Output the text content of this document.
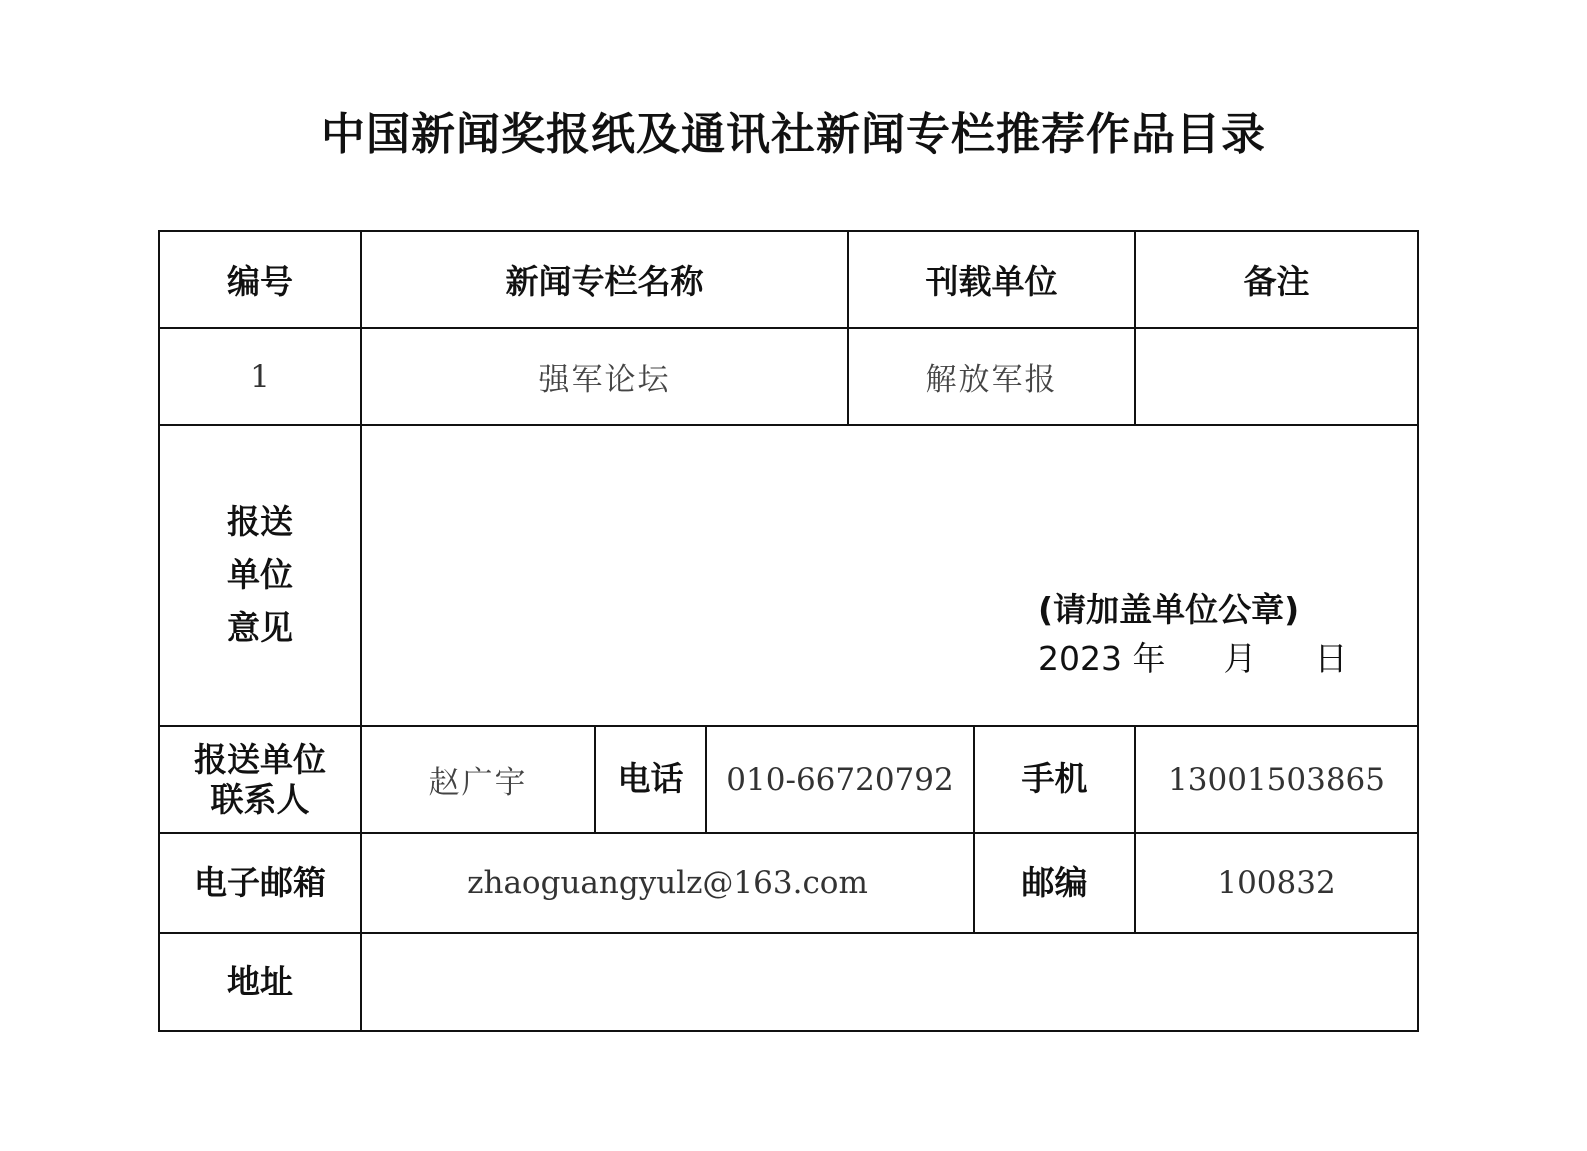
中国新闻奖报纸及通讯社新闻专栏推荐作品目录
编号	新闻专栏名称			刊载单位		备注
1	强军论坛			解放军报		

报送
单位
意见	(请加盖单位公章)
2023 年 月 日					

报送单位
联系人	赵广宇	电话	010-66720792		手机	13001503865
电子邮箱	zhaoguangyulz@163.com				邮编	100832
地址						
